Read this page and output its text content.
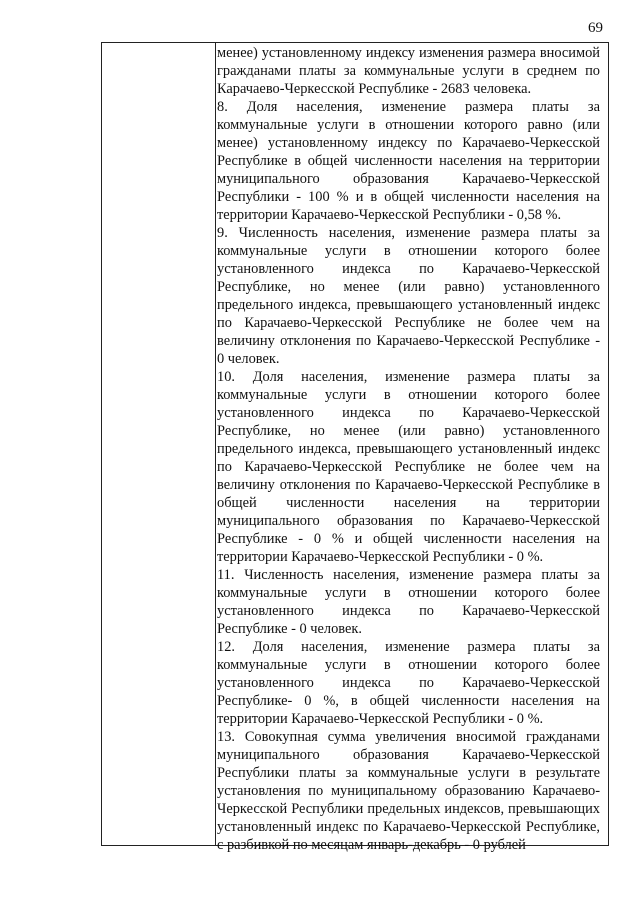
69

менее) установленному индексу изменения размера вносимой гражданами платы за коммунальные услуги в среднем по Карачаево-Черкесской Республике - 2683 человека.

8. Доля населения, изменение размера платы за коммунальные услуги в отношении которого равно (или менее) установленному индексу по Карачаево-Черкесской Республике в общей численности населения на территории муниципального образования Карачаево-Черкесской Республики - 100 % и в общей численности населения на территории Карачаево-Черкесской Республики - 0,58 %.

9. Численность населения, изменение размера платы за коммунальные услуги в отношении которого более установленного индекса по Карачаево-Черкесской Республике, но менее (или равно) установленного предельного индекса, превышающего установленный индекс по Карачаево-Черкесской Республике не более чем на величину отклонения по Карачаево-Черкесской Республике - 0 человек.

10. Доля населения, изменение размера платы за коммунальные услуги в отношении которого более установленного индекса по Карачаево-Черкесской Республике, но менее (или равно) установленного предельного индекса, превышающего установленный индекс по Карачаево-Черкесской Республике не более чем на величину отклонения по Карачаево-Черкесской Республике в общей численности населения на территории муниципального образования по Карачаево-Черкесской Республике - 0 % и общей численности населения на территории Карачаево-Черкесской Республики - 0 %.

11. Численность населения, изменение размера платы за коммунальные услуги в отношении которого более установленного индекса по Карачаево-Черкесской Республике - 0 человек.

12. Доля населения, изменение размера платы за коммунальные услуги в отношении которого более установленного индекса по Карачаево-Черкесской Республике- 0 %, в общей численности населения на территории Карачаево-Черкесской Республики - 0 %.

13. Совокупная сумма увеличения вносимой гражданами муниципального образования Карачаево-Черкесской Республики платы за коммунальные услуги в результате установления по муниципальному образованию Карачаево-Черкесской Республики предельных индексов, превышающих установленный индекс по Карачаево-Черкесской Республике, с разбивкой по месяцам январь-декабрь - 0 рублей
